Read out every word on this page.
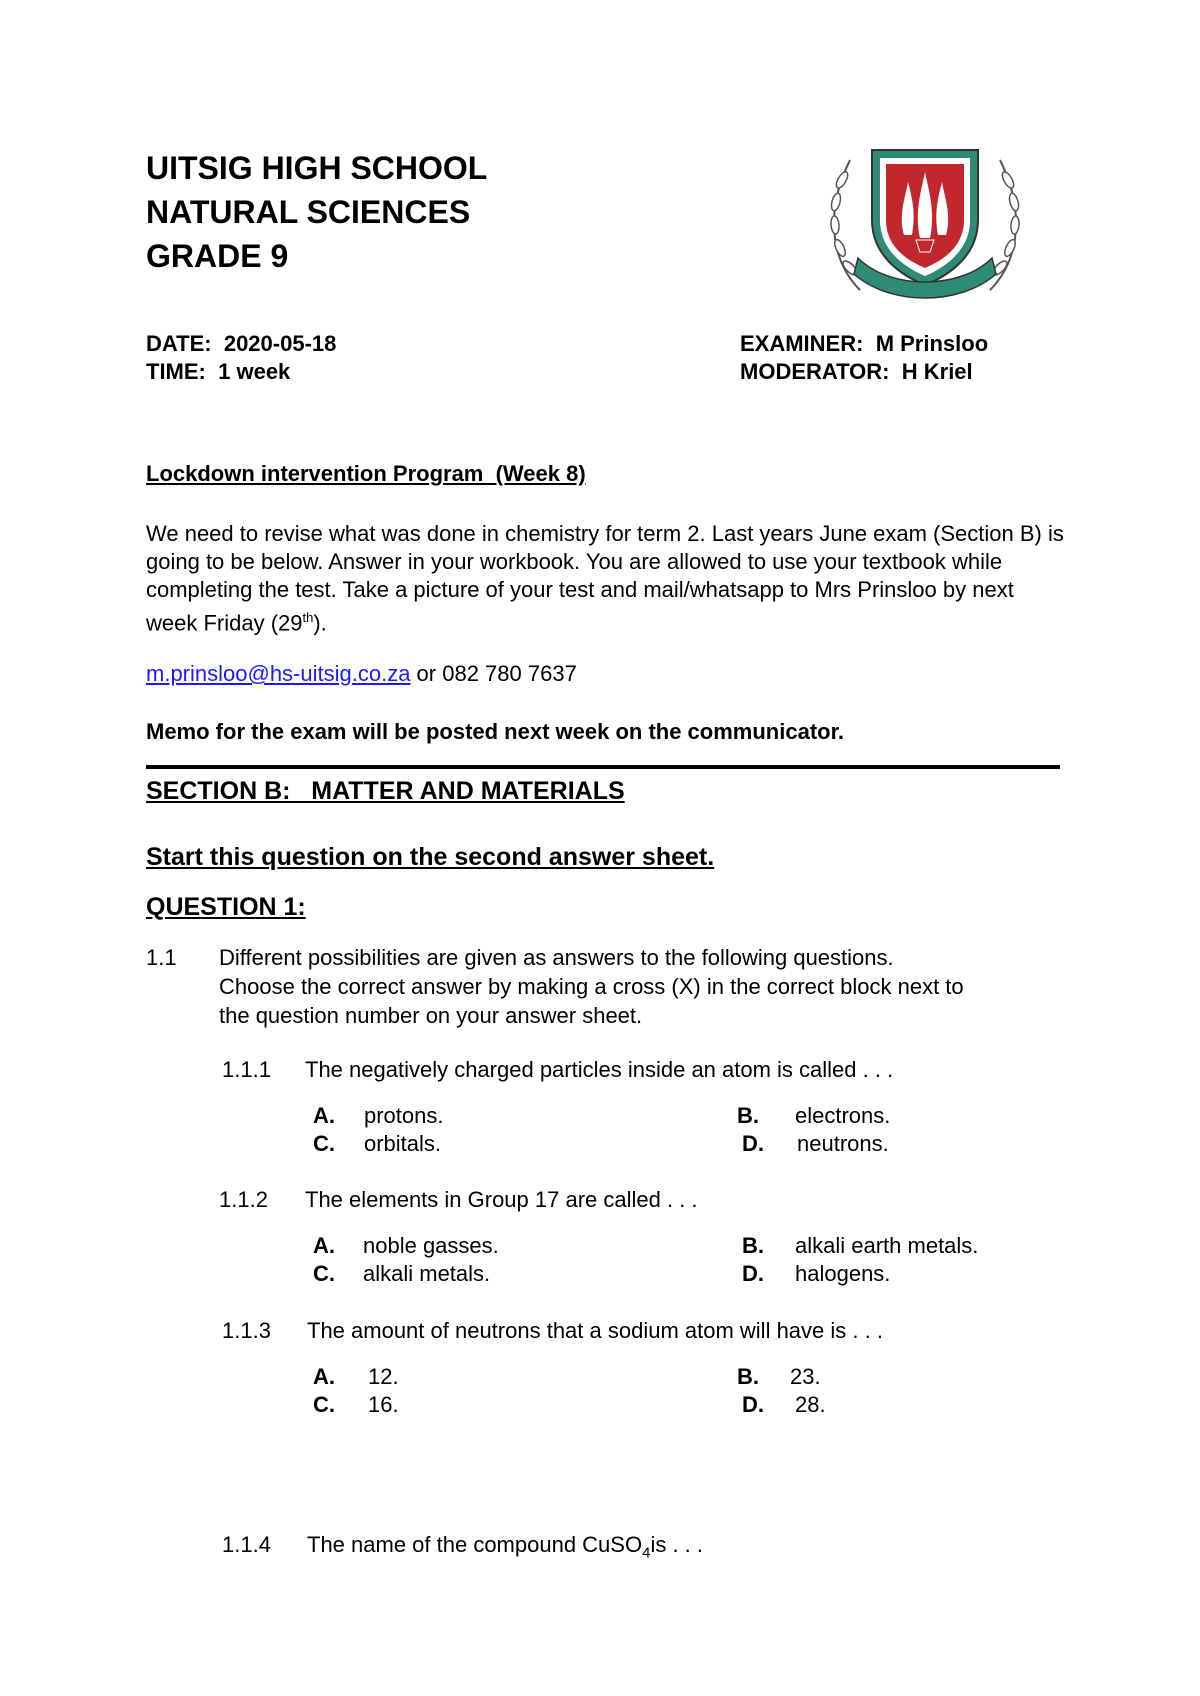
UITSIG HIGH SCHOOL
NATURAL SCIENCES
GRADE 9
DATE: 2020-05-18
TIME: 1 week
EXAMINER: M Prinsloo
MODERATOR: H Kriel
Lockdown intervention Program  (Week 8)
We need to revise what was done in chemistry for term 2. Last years June exam (Section B) is going to be below. Answer in your workbook. You are allowed to use your textbook while completing the test. Take a picture of your test and mail/whatsapp to Mrs Prinsloo by next week Friday (29th).
m.prinsloo@hs-uitsig.co.za or 082 780 7637
Memo for the exam will be posted next week on the communicator.
SECTION B:   MATTER AND MATERIALS
Start this question on the second answer sheet.
QUESTION 1:
1.1 Different possibilities are given as answers to the following questions.
Choose the correct answer by making a cross (X) in the correct block next to
the question number on your answer sheet.
1.1.1 The negatively charged particles inside an atom is called . . .
A. protons.	B. electrons.
C. orbitals.	D. neutrons.
1.1.2 The elements in Group 17 are called . . .
A. noble gasses.	B. alkali earth metals.
C. alkali metals.	D. halogens.
1.1.3 The amount of neutrons that a sodium atom will have is . . .
A. 12.	B. 23.
C. 16.	D. 28.
1.1.4 The name of the compound CuSO$_4$is . . .
